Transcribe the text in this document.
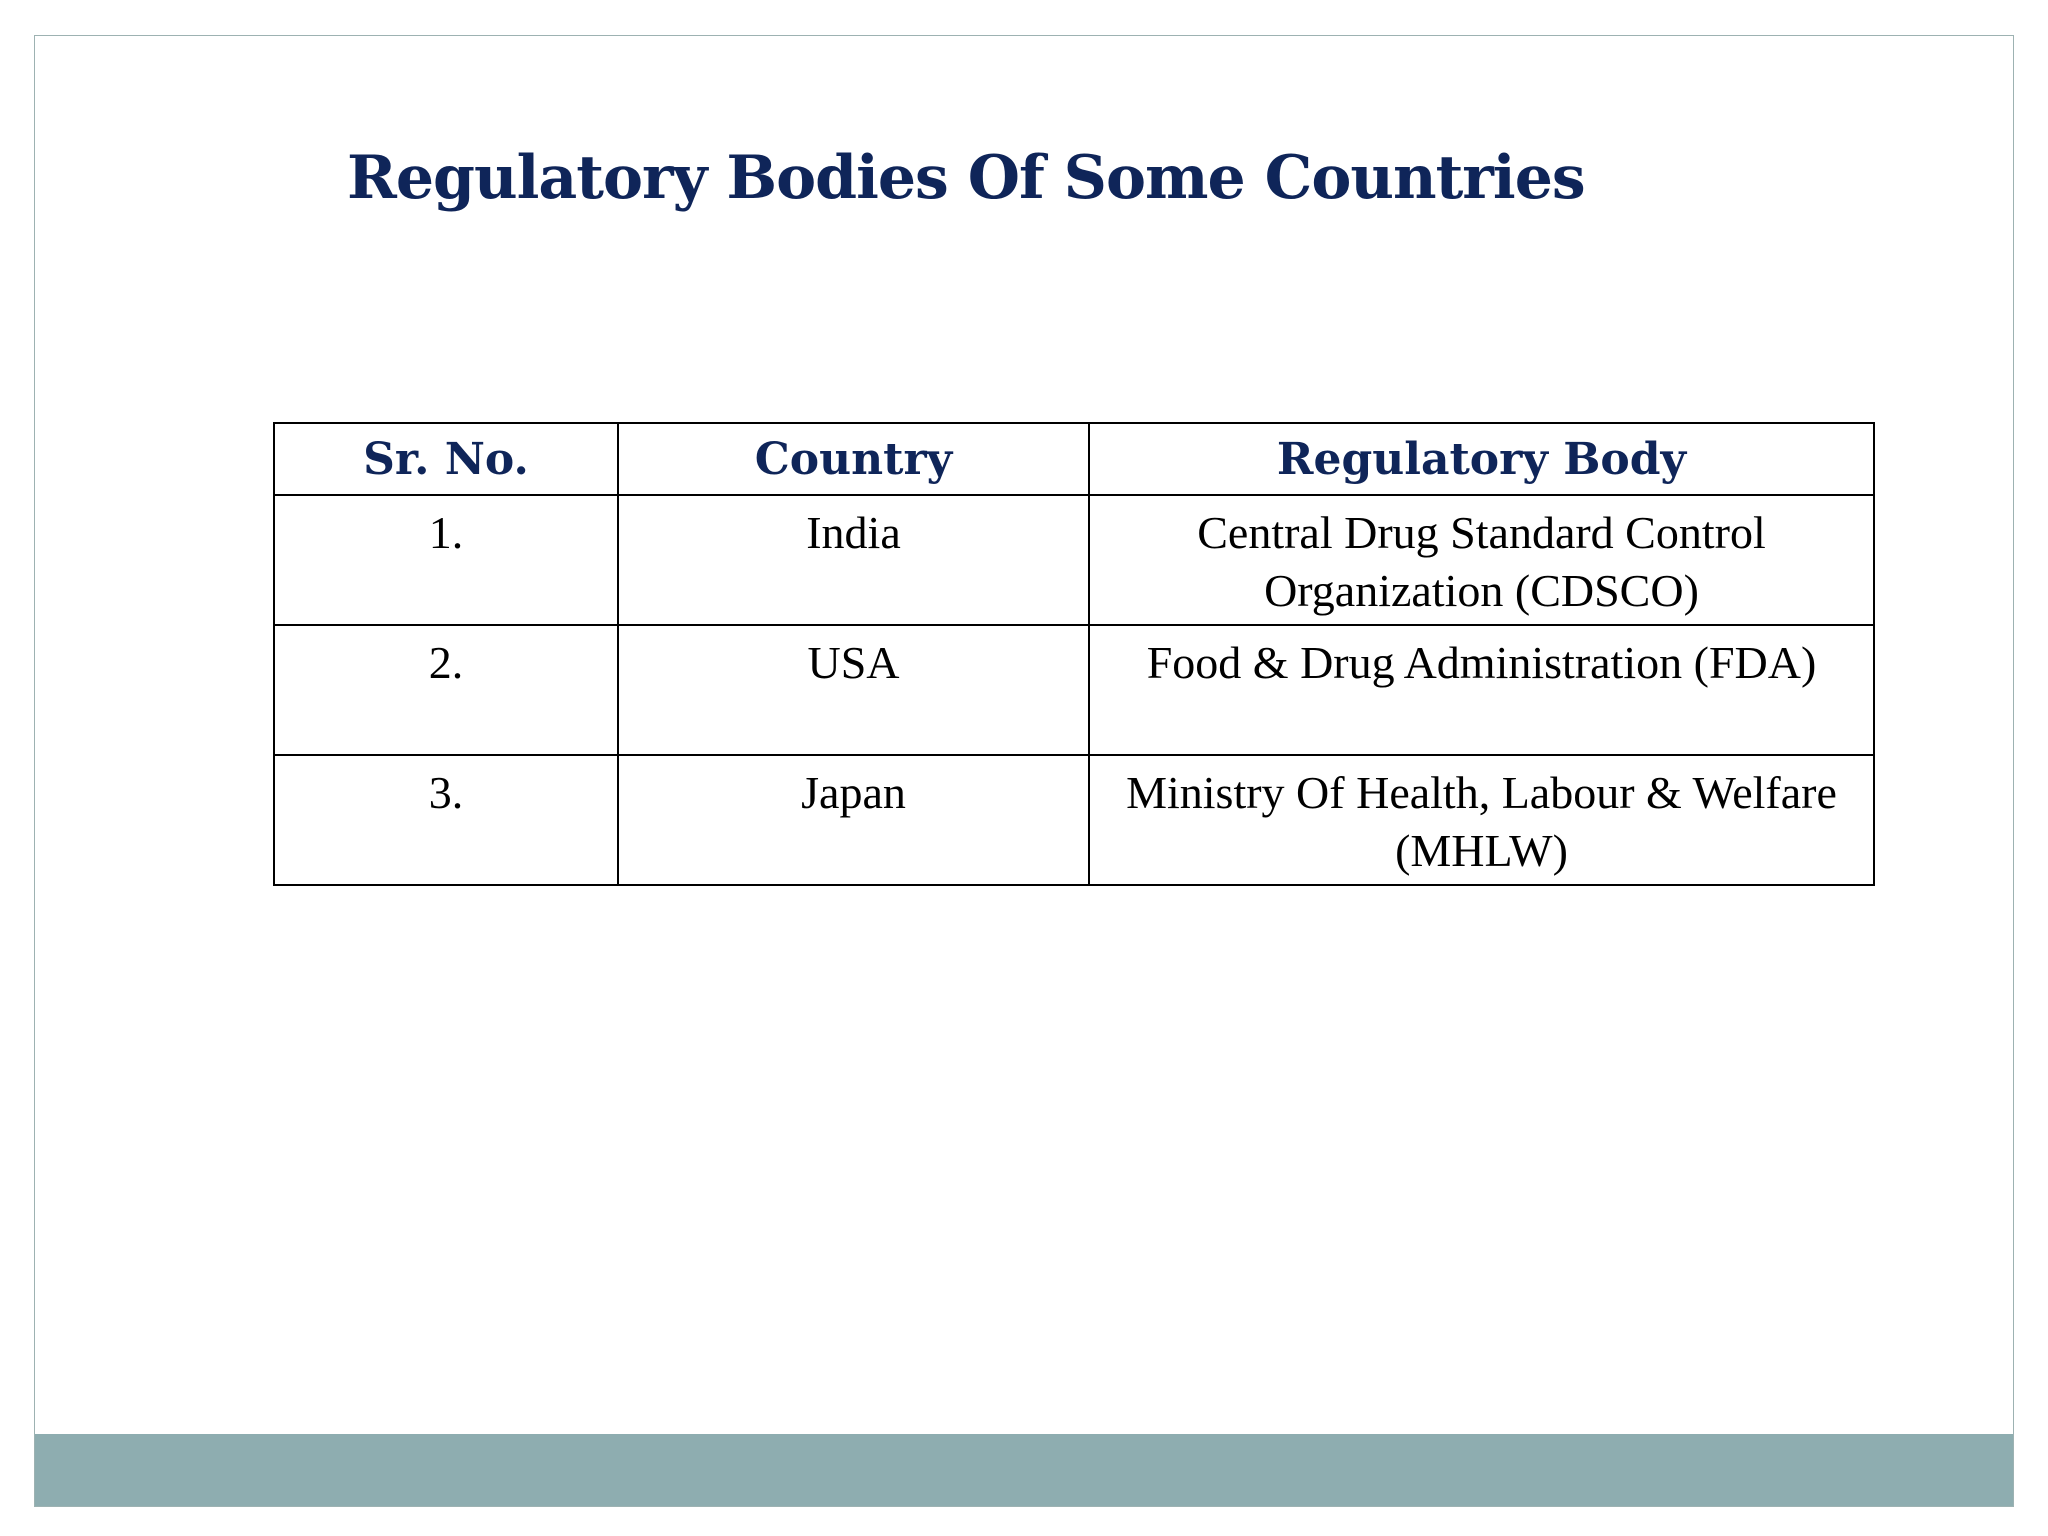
Regulatory Bodies Of Some Countries
Sr. No.	Country	Regulatory Body
1.	India	Central Drug Standard Control Organization (CDSCO)
2.	USA	Food & Drug Administration (FDA)
3.	Japan	Ministry Of Health, Labour & Welfare (MHLW)
